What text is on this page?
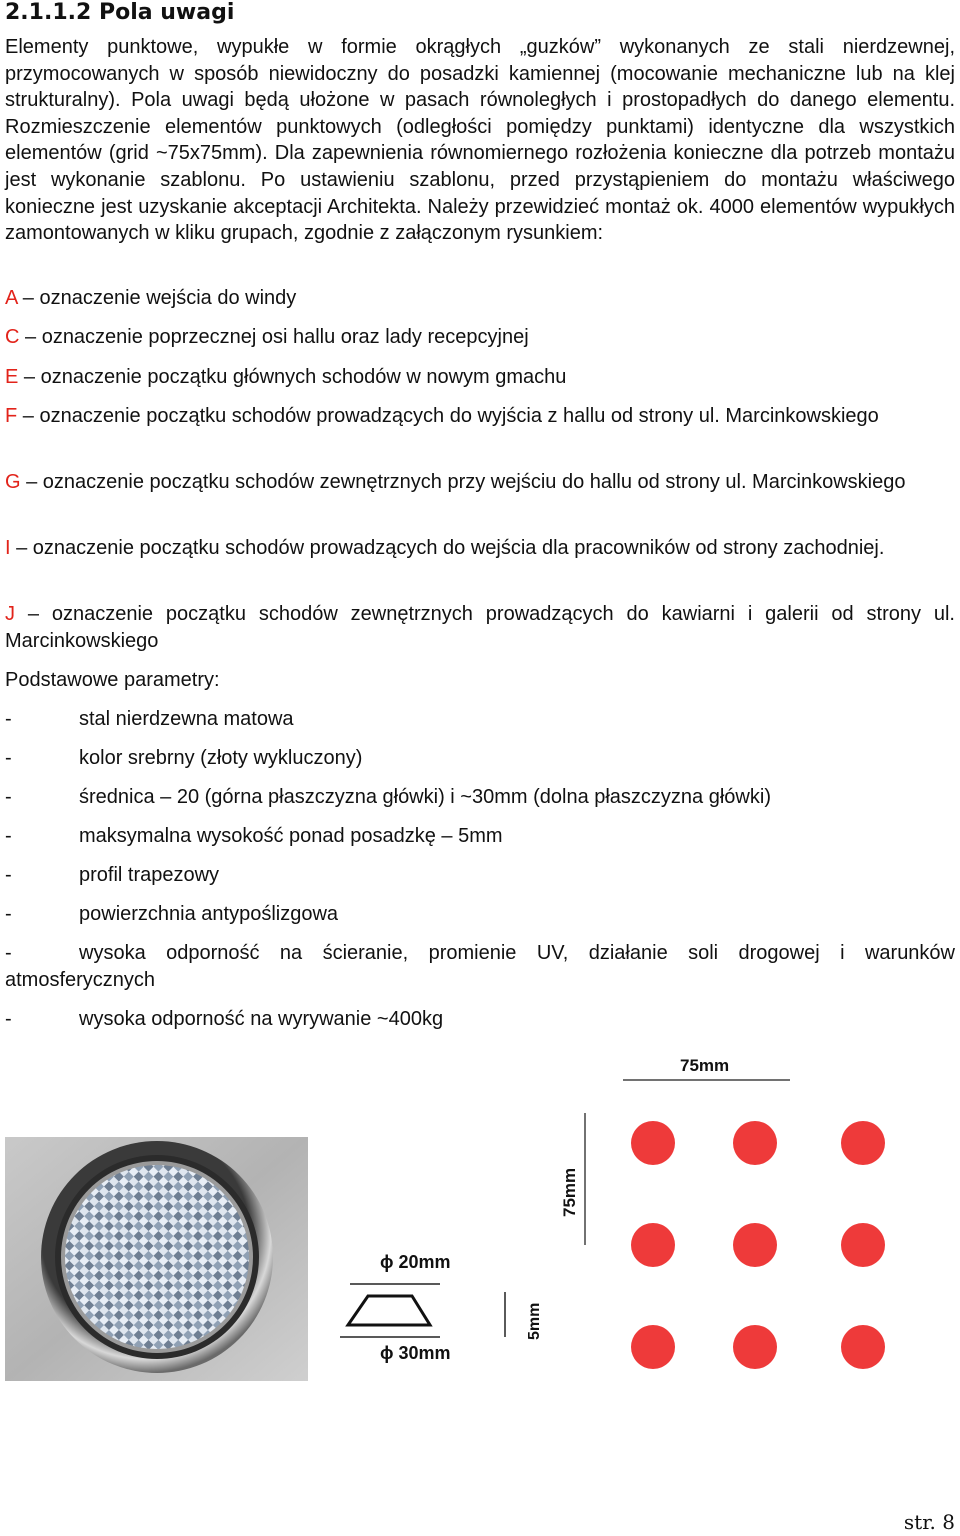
2.1.1.2 Pola uwagi

Elementy punktowe, wypukłe w formie okrągłych „guzków” wykonanych ze stali nierdzewnej, przymocowanych w sposób niewidoczny do posadzki kamiennej (mocowanie mechaniczne lub na klej strukturalny). Pola uwagi będą ułożone w pasach równoległych i prostopadłych do danego elementu. Rozmieszczenie elementów punktowych (odległości pomiędzy punktami) identyczne dla wszystkich elementów (grid ~75x75mm). Dla zapewnienia równomiernego rozłożenia konieczne dla potrzeb montażu jest wykonanie szablonu. Po ustawieniu szablonu, przed przystąpieniem do montażu właściwego konieczne jest uzyskanie akceptacji Architekta. Należy przewidzieć montaż ok. 4000 elementów wypukłych zamontowanych w kliku grupach, zgodnie z załączonym rysunkiem:

A – oznaczenie wejścia do windy

C – oznaczenie poprzecznej osi hallu oraz lady recepcyjnej

E – oznaczenie początku głównych schodów w nowym gmachu

F – oznaczenie początku schodów prowadzących do wyjścia z hallu od strony ul. Marcinkowskiego

G – oznaczenie początku schodów zewnętrznych przy wejściu do hallu od strony ul. Marcinkowskiego

I – oznaczenie początku schodów prowadzących do wejścia dla pracowników od strony zachodniej.

J – oznaczenie początku schodów zewnętrznych prowadzących do kawiarni i galerii od strony ul. Marcinkowskiego

Podstawowe parametry:

-	stal nierdzewna matowa

-	kolor srebrny (złoty wykluczony)

-	średnica – 20 (górna płaszczyzna główki) i ~30mm (dolna płaszczyzna główki)

-	maksymalna wysokość ponad posadzkę – 5mm

-	profil trapezowy

-	powierzchnia antypoślizgowa

-	wysoka odporność na ścieranie, promienie UV, działanie soli drogowej i warunków atmosferycznych

-	wysoka odporność na wyrywanie ~400kg

ϕ 20mm
ϕ 30mm
5mm
75mm
75mm
str. 8
